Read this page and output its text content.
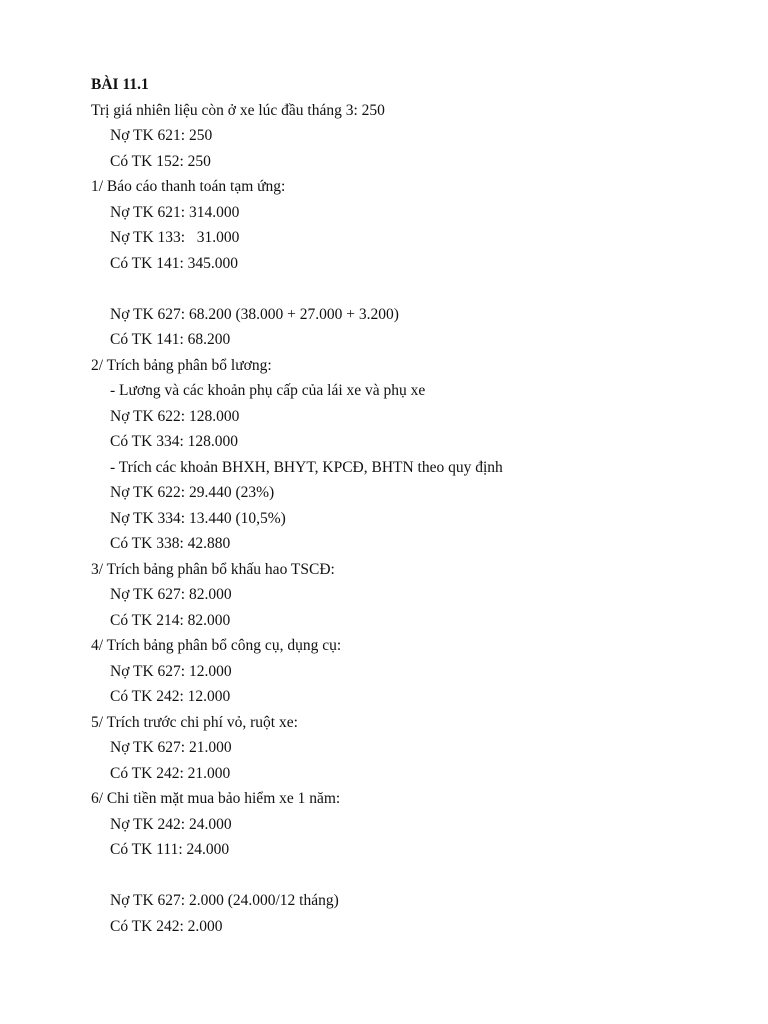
BÀI 11.1
Trị giá nhiên liệu còn ở xe lúc đầu tháng 3: 250
Nợ TK 621: 250
Có TK 152: 250
1/ Báo cáo thanh toán tạm ứng:
Nợ TK 621: 314.000
Nợ TK 133:   31.000
Có TK 141: 345.000
Nợ TK 627: 68.200 (38.000 + 27.000 + 3.200)
Có TK 141: 68.200
2/ Trích bảng phân bổ lương:
- Lương và các khoản phụ cấp của lái xe và phụ xe
Nợ TK 622: 128.000
Có TK 334: 128.000
- Trích các khoản BHXH, BHYT, KPCĐ, BHTN theo quy định
Nợ TK 622: 29.440 (23%)
Nợ TK 334: 13.440 (10,5%)
Có TK 338: 42.880
3/ Trích bảng phân bổ khấu hao TSCĐ:
Nợ TK 627: 82.000
Có TK 214: 82.000
4/ Trích bảng phân bổ công cụ, dụng cụ:
Nợ TK 627: 12.000
Có TK 242: 12.000
5/ Trích trước chi phí vỏ, ruột xe:
Nợ TK 627: 21.000
Có TK 242: 21.000
6/ Chi tiền mặt mua bảo hiểm xe 1 năm:
Nợ TK 242: 24.000
Có TK 111: 24.000
Nợ TK 627: 2.000 (24.000/12 tháng)
Có TK 242: 2.000
